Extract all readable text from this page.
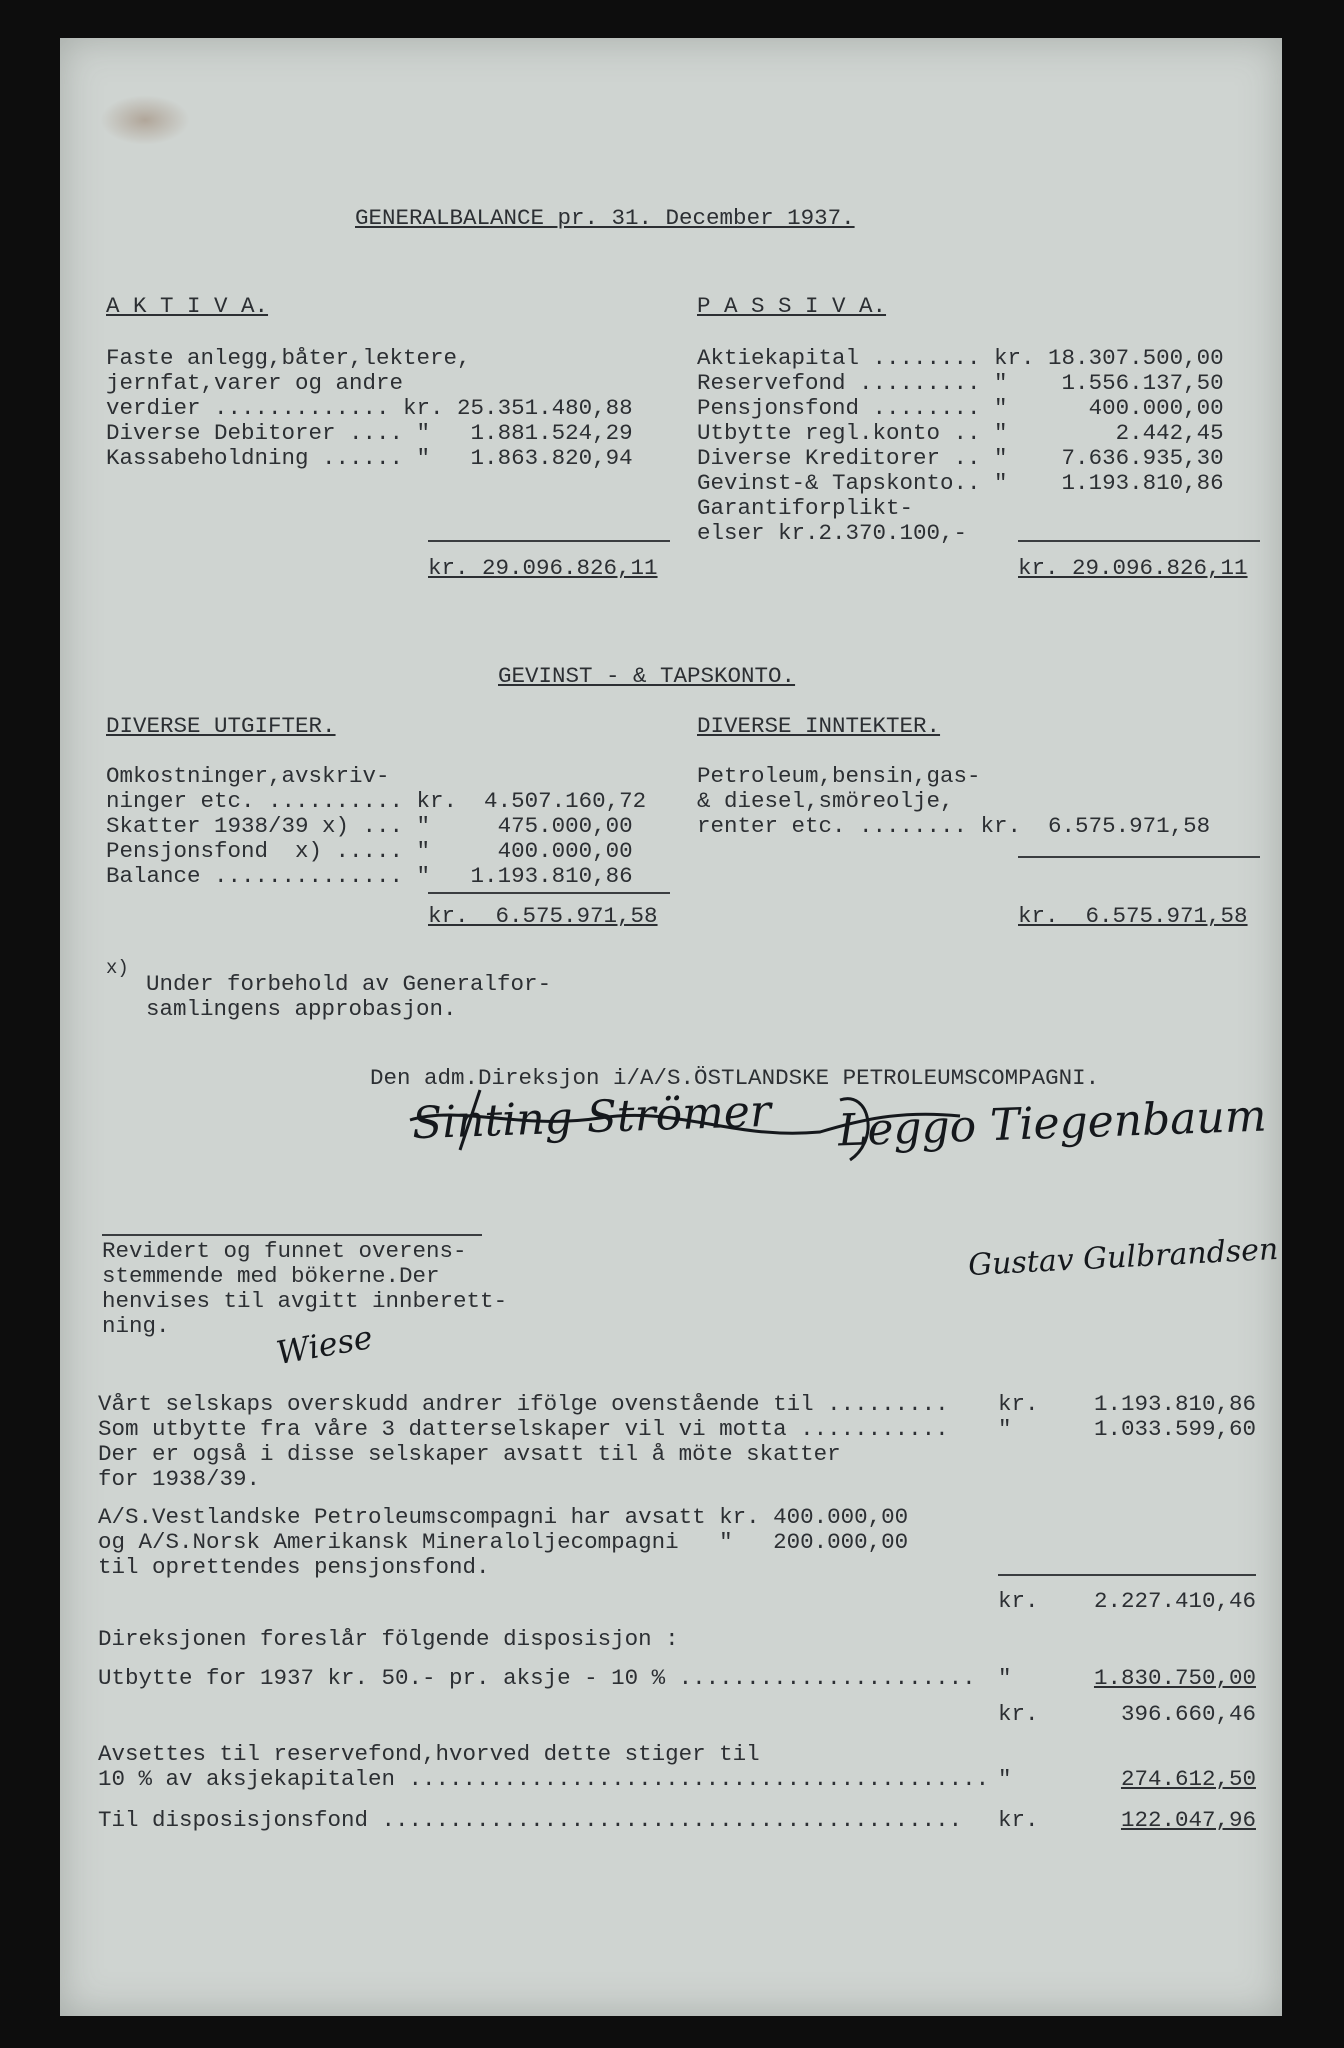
GENERALBALANCE pr. 31. December 1937.
A K T I V A.
Faste anlegg,båter,lektere,
jernfat,varer og andre
verdier ............. kr. 25.351.480,88
Diverse Debitorer .... "   1.881.524,29
Kassabeholdning ...... "   1.863.820,94
kr. 29.096.826,11
P A S S I V A.
Aktiekapital ........ kr. 18.307.500,00
Reservefond ......... "    1.556.137,50
Pensjonsfond ........ "      400.000,00
Utbytte regl.konto .. "        2.442,45
Diverse Kreditorer .. "    7.636.935,30
Gevinst-& Tapskonto.. "    1.193.810,86
Garantiforplikt-
elser kr.2.370.100,-
kr. 29.096.826,11
GEVINST - & TAPSKONTO.
DIVERSE UTGIFTER.
Omkostninger,avskriv-
ninger etc. .......... kr.  4.507.160,72
Skatter 1938/39 x) ... "     475.000,00
Pensjonsfond  x) ..... "     400.000,00
Balance .............. "   1.193.810,86
kr.  6.575.971,58
DIVERSE INNTEKTER.
Petroleum,bensin,gas-
& diesel,smöreolje,
renter etc. ........ kr.  6.575.971,58
kr.  6.575.971,58
x)
Under forbehold av Generalfor-
samlingens approbasjon.
Den adm.Direksjon i/A/S.ÖSTLANDSKE PETROLEUMSCOMPAGNI.
Sinting Strömer Leggo Tiegenbaum
Gustav Gulbrandsen
Wiese
Revidert og funnet overens-
stemmende med bökerne.Der
henvises til avgitt innberett-
ning.
Vårt selskaps overskudd andrer ifölge ovenstående til ......... kr.	1.193.810,86
Som utbytte fra våre 3 datterselskaper vil vi motta ........... "	1.033.599,60
Der er også i disse selskaper avsatt til å möte skatter
for 1938/39.
A/S.Vestlandske Petroleumscompagni har avsatt kr. 400.000,00
og A/S.Norsk Amerikansk Mineraloljecompagni   "   200.000,00
til oprettendes pensjonsfond.
kr.	2.227.410,46
Direksjonen foreslår fölgende disposisjon :
Utbytte for 1937 kr. 50.- pr. aksje - 10 % ...................... "	1.830.750,00
kr.	396.660,46
Avsettes til reservefond,hvorved dette stiger til
10 % av aksjekapitalen ........................................... "	274.612,50
Til disposisjonsfond ........................................... kr.	122.047,96
